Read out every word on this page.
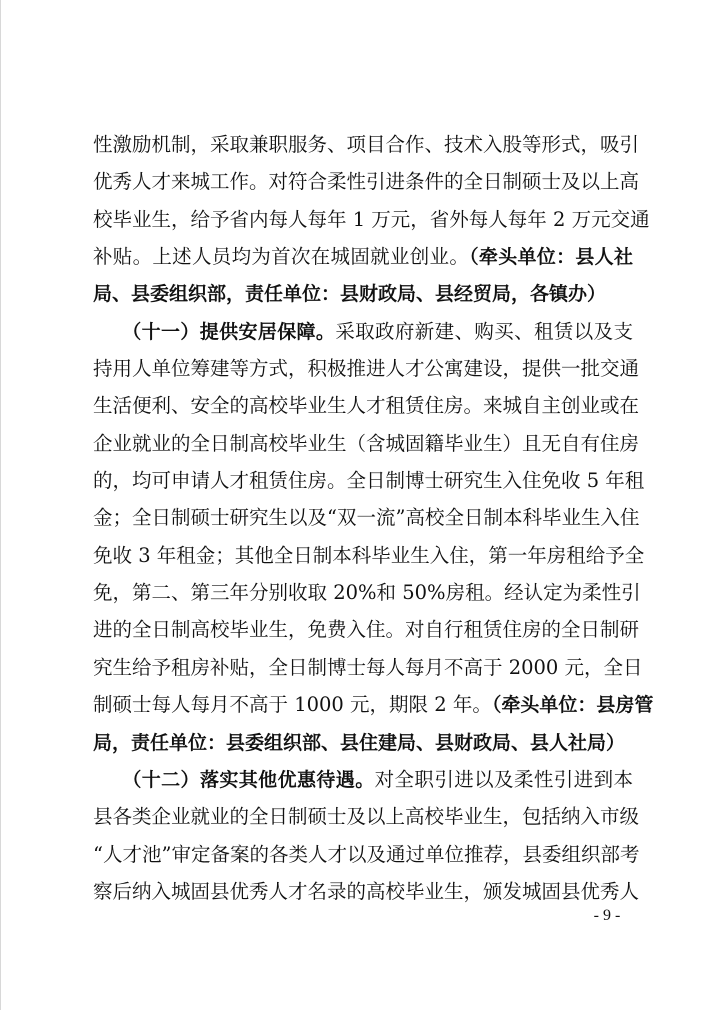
性激励机制，采取兼职服务、项目合作、技术入股等形式，吸引
优秀人才来城工作。对符合柔性引进条件的全日制硕士及以上高
校毕业生，给予省内每人每年 1 万元，省外每人每年 2 万元交通
补贴。上述人员均为首次在城固就业创业。（牵头单位：县人社
局、县委组织部，责任单位：县财政局、县经贸局，各镇办）
　　（十一）提供安居保障。采取政府新建、购买、租赁以及支
持用人单位筹建等方式，积极推进人才公寓建设，提供一批交通
生活便利、安全的高校毕业生人才租赁住房。来城自主创业或在
企业就业的全日制高校毕业生（含城固籍毕业生）且无自有住房
的，均可申请人才租赁住房。全日制博士研究生入住免收 5 年租
金；全日制硕士研究生以及“双一流”高校全日制本科毕业生入住
免收 3 年租金；其他全日制本科毕业生入住，第一年房租给予全
免，第二、第三年分别收取 20%和 50%房租。经认定为柔性引
进的全日制高校毕业生，免费入住。对自行租赁住房的全日制研
究生给予租房补贴，全日制博士每人每月不高于 2000 元，全日
制硕士每人每月不高于 1000 元，期限 2 年。（牵头单位：县房管
局，责任单位：县委组织部、县住建局、县财政局、县人社局）
　　（十二）落实其他优惠待遇。对全职引进以及柔性引进到本
县各类企业就业的全日制硕士及以上高校毕业生，包括纳入市级
“人才池”审定备案的各类人才以及通过单位推荐，县委组织部考
察后纳入城固县优秀人才名录的高校毕业生，颁发城固县优秀人
- 9 -
